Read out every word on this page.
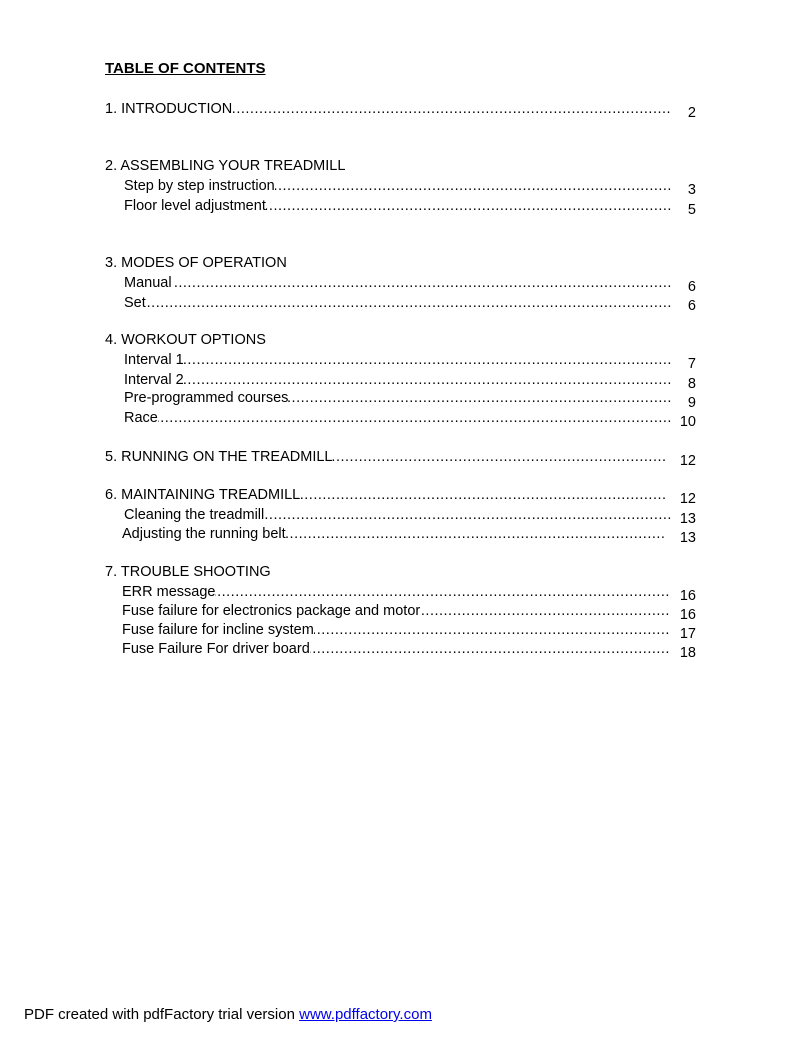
TABLE OF CONTENTS
.....
1. INTRODUCTION	2
2. ASSEMBLING YOUR TREADMILL
.....
Step by step instruction	3
.....
Floor level adjustment	5
3. MODES OF OPERATION
.....
Manual	6
.....
Set	6
4. WORKOUT OPTIONS
.....
Interval 1	7
.....
Interval 2	8
.....
Pre-programmed courses	9
.....
Race	10
.....
5. RUNNING ON THE TREADMILL	12
.....
6. MAINTAINING TREADMILL	12
.....
Cleaning the treadmill	13
.....
Adjusting the running belt	13
7. TROUBLE SHOOTING
.....
ERR message	16
.....
Fuse failure for electronics package and motor	16
.....
Fuse failure for incline system	17
.....
Fuse Failure For driver board	18
PDF created with pdfFactory trial version www.pdffactory.com
